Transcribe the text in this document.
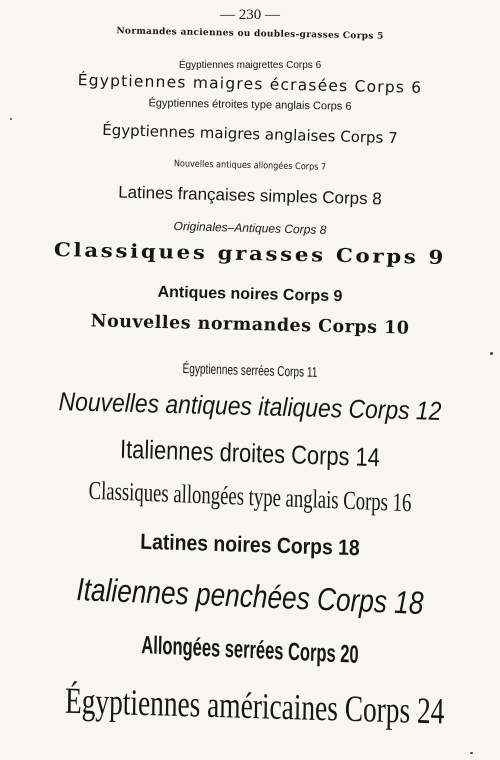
— 230 —
Normandes anciennes ou doubles-grasses Corps 5
Égyptiennes maigrettes Corps 6
Égyptiennes maigres écrasées Corps 6
Égyptiennes étroites type anglais Corps 6
Égyptiennes maigres anglaises Corps 7
Nouvelles antiques allongées Corps 7
Latines françaises simples Corps 8
Originales–Antiques Corps 8
Classiques grasses Corps 9
Antiques noires Corps 9
Nouvelles normandes Corps 10
Égyptiennes serrées Corps 11
Nouvelles antiques italiques Corps 12
Italiennes droites Corps 14
Classiques allongées type anglais Corps 16
Latines noires Corps 18
Italiennes penchées Corps 18
Allongées serrées Corps 20
Égyptiennes américaines Corps 24
